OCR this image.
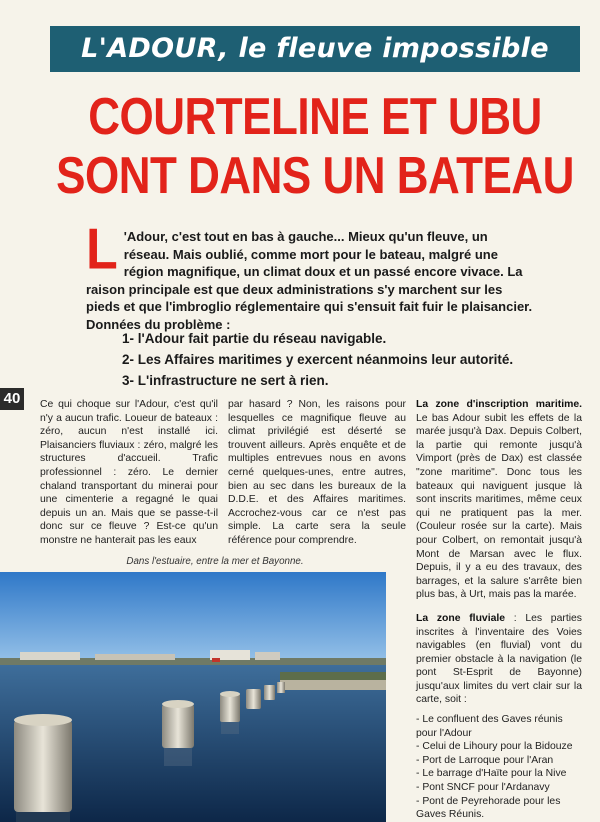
L'ADOUR, le fleuve impossible
COURTELINE ET UBU
SONT DANS UN BATEAU
L 'Adour, c'est tout en bas à gauche... Mieux qu'un fleuve, un réseau. Mais oublié, comme mort pour le bateau, malgré une région magnifique, un climat doux et un passé encore vivace. La raison principale est que deux administrations s'y marchent sur les pieds et que l'imbroglio réglementaire qui s'ensuit fait fuir le plaisancier. Données du problème :
1- l'Adour fait partie du réseau navigable.
2- Les Affaires maritimes y exercent néanmoins leur autorité.
3- L'infrastructure ne sert à rien.
40	Ce qui choque sur l'Adour, c'est qu'il n'y a aucun trafic. Loueur de bateaux : zéro, aucun n'est installé ici. Plaisanciers fluviaux : zéro, malgré les structures d'accueil. Trafic professionnel : zéro. Le dernier chaland transportant du minerai pour une cimenterie a regagné le quai depuis un an. Mais que se passe-t-il donc sur ce fleuve ? Est-ce qu'un monstre ne hanterait pas les eaux

par hasard ? Non, les raisons pour lesquelles ce magnifique fleuve au climat privilégié est déserté se trouvent ailleurs. Après enquête et de multiples entrevues nous en avons cerné quelques-unes, entre autres, bien au sec dans les bureaux de la D.D.E. et des Affaires maritimes. Accrochez-vous car ce n'est pas simple. La carte sera la seule référence pour comprendre.

La zone d'inscription maritime. Le bas Adour subit les effets de la marée jusqu'à Dax. Depuis Colbert, la partie qui remonte jusqu'à Vimport (près de Dax) est classée "zone maritime". Donc tous les bateaux qui naviguent jusque là sont inscrits maritimes, même ceux qui ne pratiquent pas la mer. (Couleur rosée sur la carte). Mais pour Colbert, on remontait jusqu'à Mont de Marsan avec le flux. Depuis, il y a eu des travaux, des barrages, et la salure s'arrête bien plus bas, à Urt, mais pas la marée.

La zone fluviale : Les parties inscrites à l'inventaire des Voies navigables (en fluvial) vont du premier obstacle à la navigation (le pont St-Esprit de Bayonne) jusqu'aux limites du vert clair sur la carte, soit :

- Le confluent des Gaves réunis pour l'Adour
- Celui de Lihoury pour la Bidouze
- Port de Larroque pour l'Aran
- Le barrage d'Haïte pour la Nive
- Pont SNCF pour l'Ardanavy
- Pont de Peyrehorade pour les Gaves Réunis.
Dans l'estuaire, entre la mer et Bayonne.
